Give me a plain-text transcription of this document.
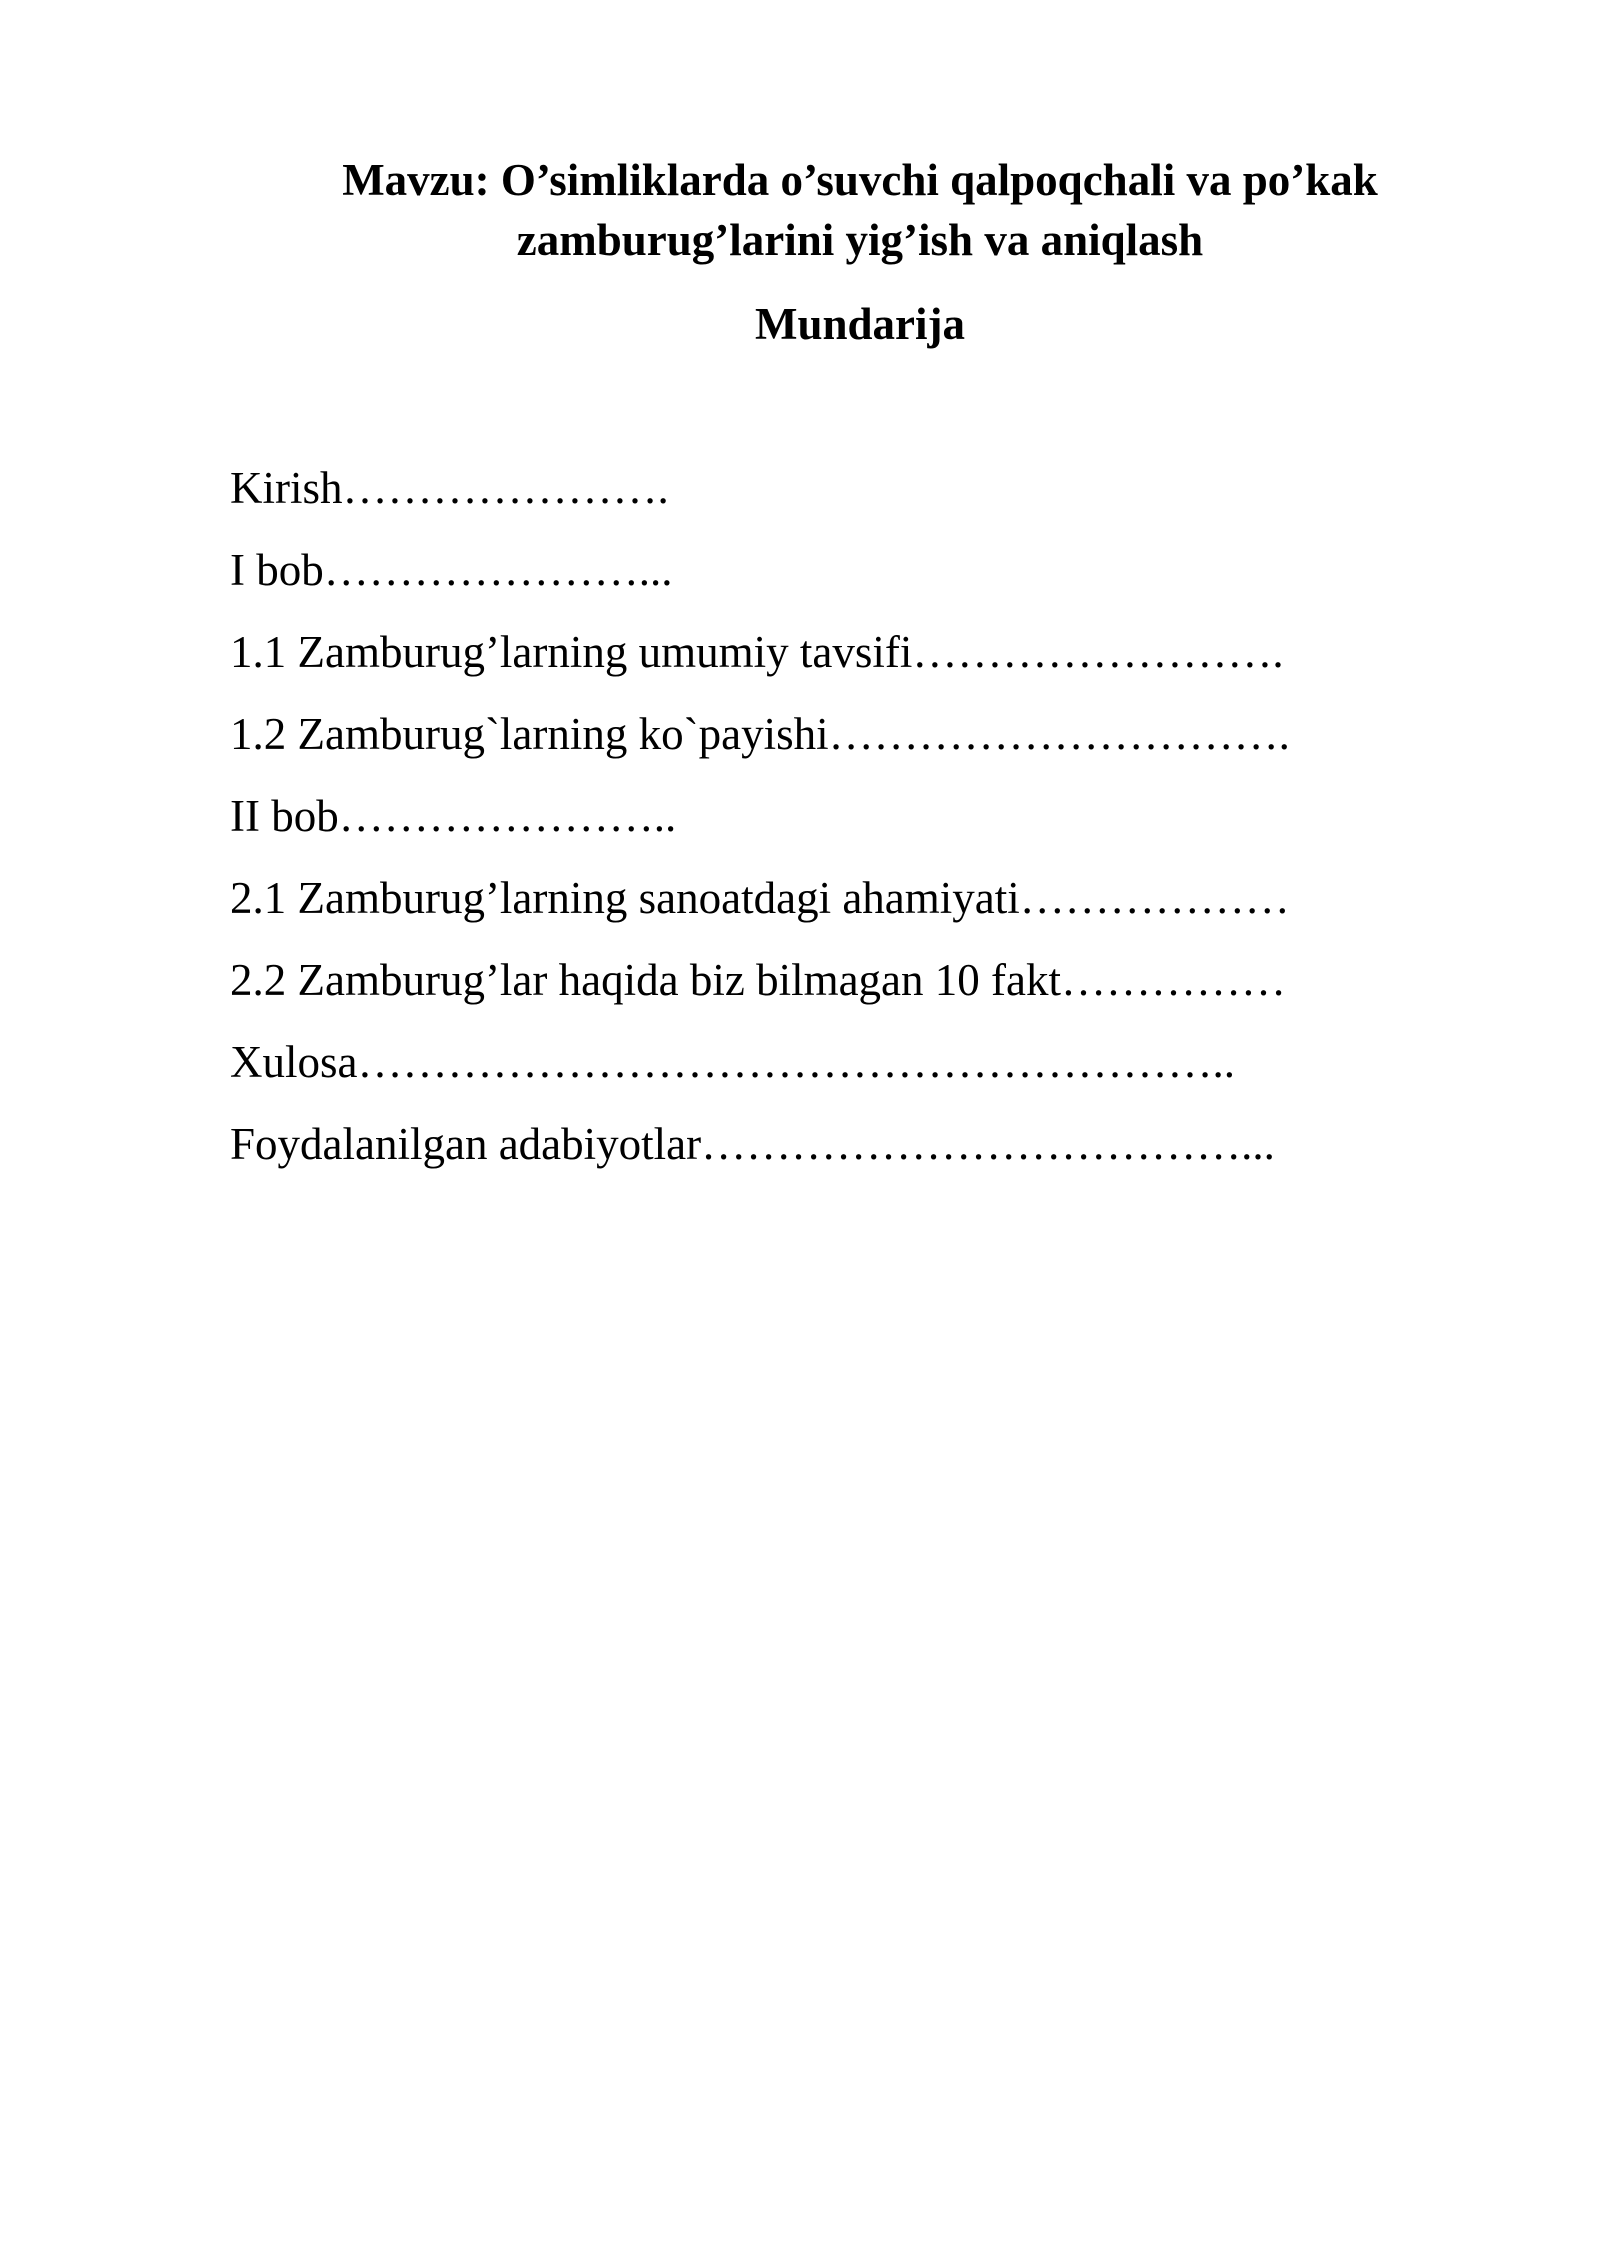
Mavzu: O’simliklarda o’suvchi qalpoqchali va po’kak
zamburug’larini yig’ish va aniqlash
Mundarija
Kirish………………….
I bob…………………...
1.1 Zamburug’larning umumiy tavsifi…………………….
1.2 Zamburug`larning ko`payishi………………………….
II bob…………………..
2.1 Zamburug’larning sanoatdagi ahamiyati………………
2.2 Zamburug’lar haqida biz bilmagan 10 fakt……………
Xulosa…………………………………………………..
Foydalanilgan adabiyotlar………………………………...
